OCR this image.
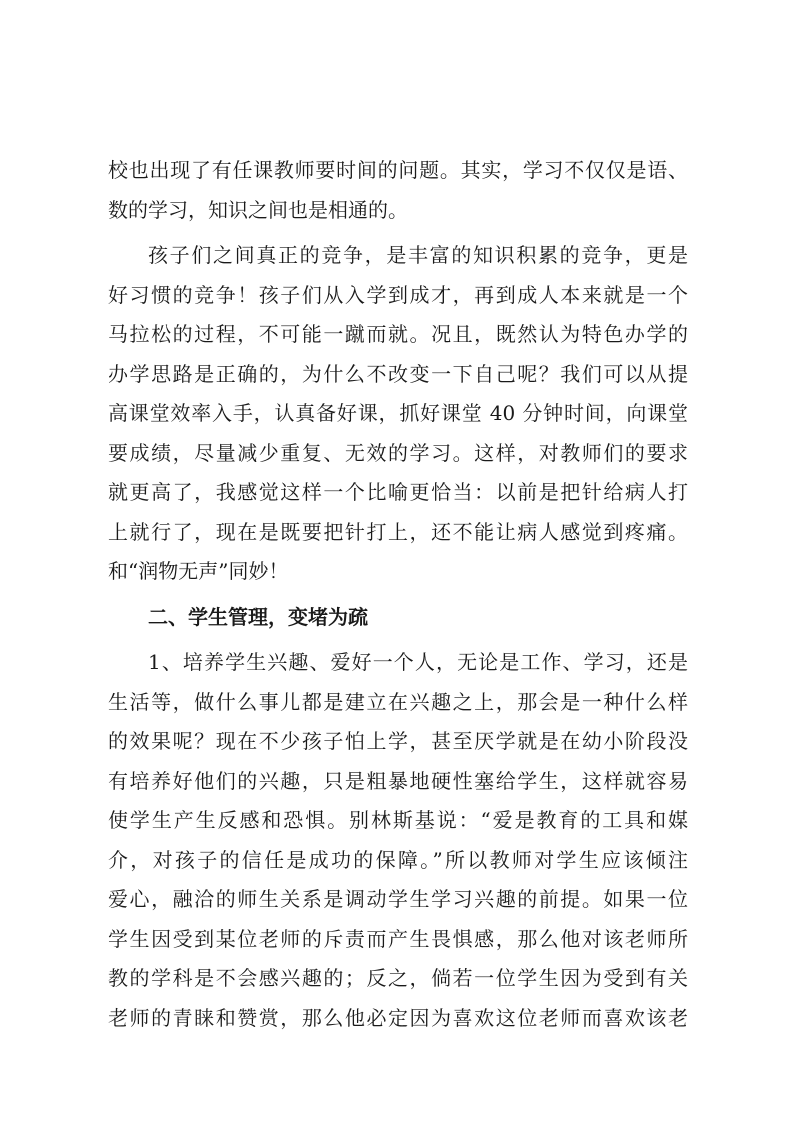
校也出现了有任课教师要时间的问题。其实，学习不仅仅是语、
数的学习，知识之间也是相通的。
孩子们之间真正的竞争，是丰富的知识积累的竞争，更是
好习惯的竞争！孩子们从入学到成才，再到成人本来就是一个
马拉松的过程，不可能一蹴而就。况且，既然认为特色办学的
办学思路是正确的，为什么不改变一下自己呢？我们可以从提
高课堂效率入手，认真备好课，抓好课堂 40 分钟时间，向课堂
要成绩，尽量减少重复、无效的学习。这样，对教师们的要求
就更高了，我感觉这样一个比喻更恰当：以前是把针给病人打
上就行了，现在是既要把针打上，还不能让病人感觉到疼痛。
和“润物无声”同妙！
二、学生管理，变堵为疏
1、培养学生兴趣、爱好一个人，无论是工作、学习，还是
生活等，做什么事儿都是建立在兴趣之上，那会是一种什么样
的效果呢？现在不少孩子怕上学，甚至厌学就是在幼小阶段没
有培养好他们的兴趣，只是粗暴地硬性塞给学生，这样就容易
使学生产生反感和恐惧。别林斯基说：“爱是教育的工具和媒
介，对孩子的信任是成功的保障。”所以教师对学生应该倾注
爱心，融洽的师生关系是调动学生学习兴趣的前提。如果一位
学生因受到某位老师的斥责而产生畏惧感，那么他对该老师所
教的学科是不会感兴趣的；反之，倘若一位学生因为受到有关
老师的青睐和赞赏，那么他必定因为喜欢这位老师而喜欢该老
